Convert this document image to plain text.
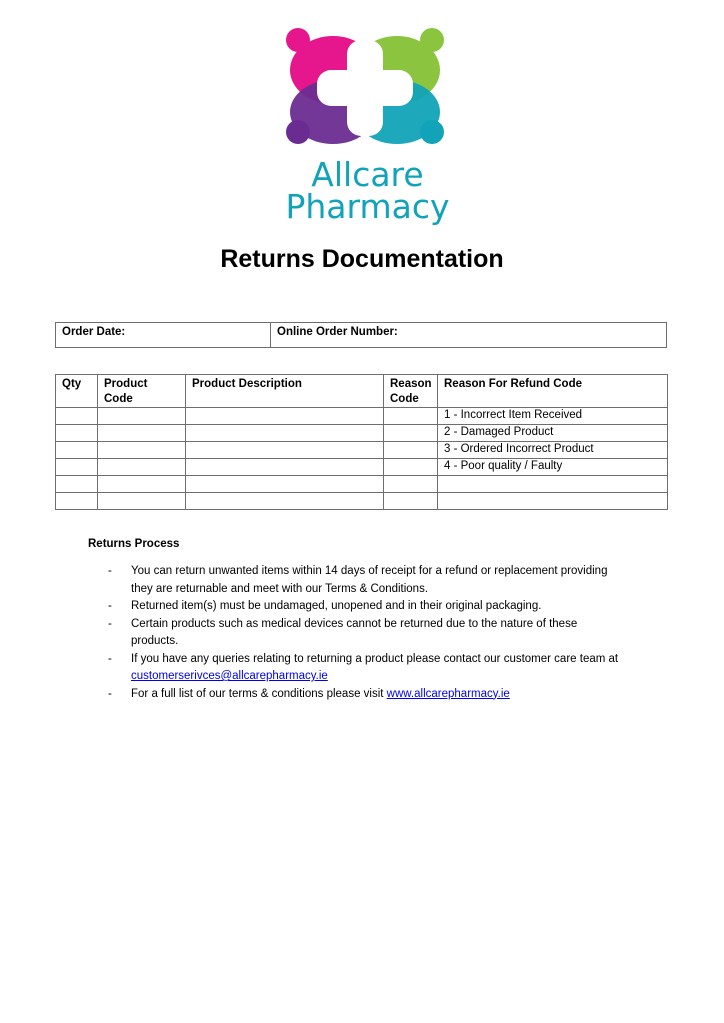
Allcare
Pharmacy
Returns Documentation
Order Date:	Online Order Number:
Qty	Product Code	Product Description	Reason Code	Reason For Refund Code
				1 - Incorrect Item Received
				2 - Damaged Product
				3 - Ordered Incorrect Product
				4 - Poor quality / Faulty

Returns Process
- You can return unwanted items within 14 days of receipt for a refund or replacement providing they are returnable and meet with our Terms & Conditions.
- Returned item(s) must be undamaged, unopened and in their original packaging.
- Certain products such as medical devices cannot be returned due to the nature of these products.
- If you have any queries relating to returning a product please contact our customer care team at customerserivces@allcarepharmacy.ie
- For a full list of our terms & conditions please visit www.allcarepharmacy.ie
